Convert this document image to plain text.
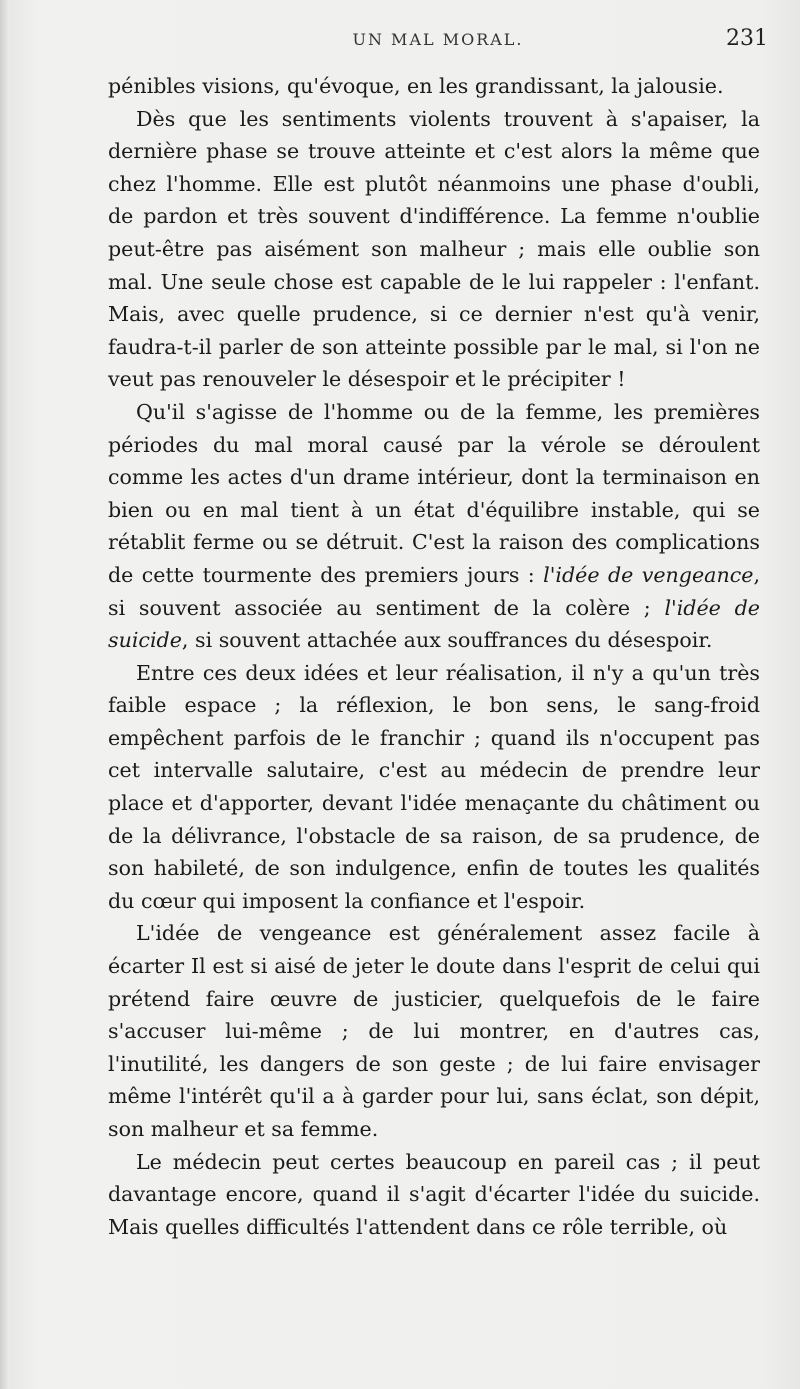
UN MAL MORAL.	231

pénibles visions, qu'évoque, en les grandissant, la jalousie.

Dès que les sentiments violents trouvent à s'apaiser, la dernière phase se trouve atteinte et c'est alors la même que chez l'homme. Elle est plutôt néanmoins une phase d'oubli, de pardon et très souvent d'indifférence. La femme n'oublie peut-être pas aisément son malheur ; mais elle oublie son mal. Une seule chose est capable de le lui rappeler : l'enfant. Mais, avec quelle prudence, si ce dernier n'est qu'à venir, faudra-t-il parler de son atteinte possible par le mal, si l'on ne veut pas renouveler le désespoir et le précipiter !

Qu'il s'agisse de l'homme ou de la femme, les premières périodes du mal moral causé par la vérole se déroulent comme les actes d'un drame intérieur, dont la terminaison en bien ou en mal tient à un état d'équilibre instable, qui se rétablit ferme ou se détruit. C'est la raison des complications de cette tourmente des premiers jours : l'idée de vengeance, si souvent associée au sentiment de la colère ; l'idée de suicide, si souvent attachée aux souffrances du désespoir.

Entre ces deux idées et leur réalisation, il n'y a qu'un très faible espace ; la réflexion, le bon sens, le sang-froid empêchent parfois de le franchir ; quand ils n'occupent pas cet intervalle salutaire, c'est au médecin de prendre leur place et d'apporter, devant l'idée menaçante du châtiment ou de la délivrance, l'obstacle de sa raison, de sa prudence, de son habileté, de son indulgence, enfin de toutes les qualités du cœur qui imposent la confiance et l'espoir.

L'idée de vengeance est généralement assez facile à écarter Il est si aisé de jeter le doute dans l'esprit de celui qui prétend faire œuvre de justicier, quelquefois de le faire s'accuser lui-même ; de lui montrer, en d'autres cas, l'inutilité, les dangers de son geste ; de lui faire envisager même l'intérêt qu'il a à garder pour lui, sans éclat, son dépit, son malheur et sa femme.

Le médecin peut certes beaucoup en pareil cas ; il peut davantage encore, quand il s'agit d'écarter l'idée du suicide. Mais quelles difficultés l'attendent dans ce rôle terrible, où
